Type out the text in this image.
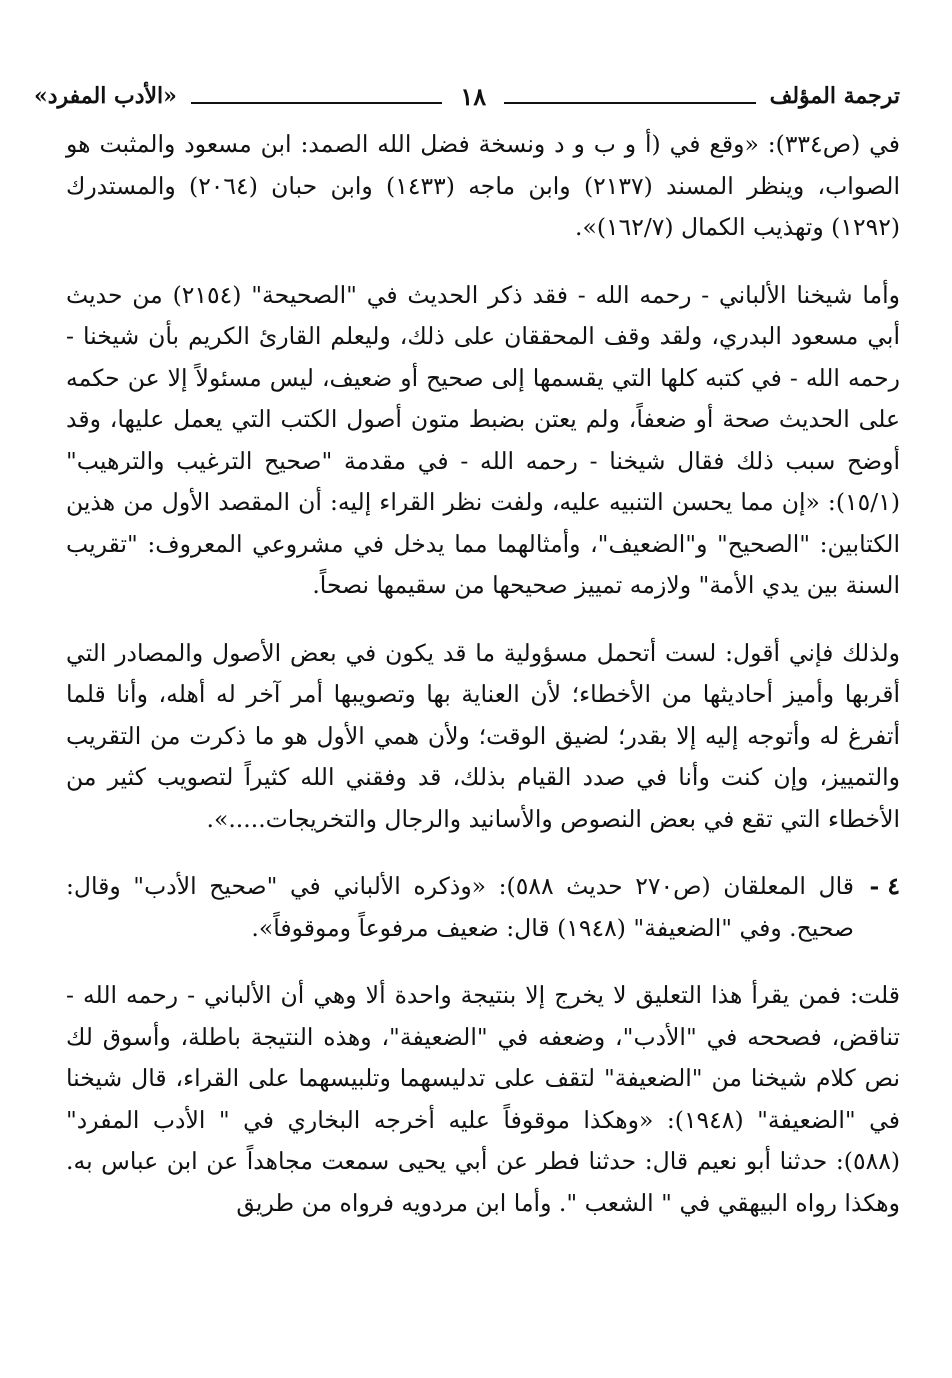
ترجمة المؤلف
١٨
«الأدب المفرد»

في (ص٣٣٤): «وقع في (أ و ب و د ونسخة فضل الله الصمد: ابن مسعود والمثبت هو الصواب، وينظر المسند (٢١٣٧) وابن ماجه (١٤٣٣) وابن حبان (٢٠٦٤) والمستدرك (١٢٩٢) وتهذيب الكمال (١٦٢/٧)».

وأما شيخنا الألباني - رحمه الله - فقد ذكر الحديث في "الصحيحة" (٢١٥٤) من حديث أبي مسعود البدري، ولقد وقف المحققان على ذلك، وليعلم القارئ الكريم بأن شيخنا - رحمه الله - في كتبه كلها التي يقسمها إلى صحيح أو ضعيف، ليس مسئولاً إلا عن حكمه على الحديث صحة أو ضعفاً، ولم يعتن بضبط متون أصول الكتب التي يعمل عليها، وقد أوضح سبب ذلك فقال شيخنا - رحمه الله - في مقدمة "صحيح الترغيب والترهيب" (١٥/١): «إن مما يحسن التنبيه عليه، ولفت نظر القراء إليه: أن المقصد الأول من هذين الكتابين: "الصحيح" و"الضعيف"، وأمثالهما مما يدخل في مشروعي المعروف: "تقريب السنة بين يدي الأمة" ولازمه تمييز صحيحها من سقيمها نصحاً.

ولذلك فإني أقول: لست أتحمل مسؤولية ما قد يكون في بعض الأصول والمصادر التي أقربها وأميز أحاديثها من الأخطاء؛ لأن العناية بها وتصويبها أمر آخر له أهله، وأنا قلما أتفرغ له وأتوجه إليه إلا بقدر؛ لضيق الوقت؛ ولأن همي الأول هو ما ذكرت من التقريب والتمييز، وإن كنت وأنا في صدد القيام بذلك، قد وفقني الله كثيراً لتصويب كثير من الأخطاء التي تقع في بعض النصوص والأسانيد والرجال والتخريجات.....».

٤ -

قال المعلقان (ص٢٧٠ حديث ٥٨٨): «وذكره الألباني في "صحيح الأدب" وقال: صحيح. وفي "الضعيفة" (١٩٤٨) قال: ضعيف مرفوعاً وموقوفاً».

قلت: فمن يقرأ هذا التعليق لا يخرج إلا بنتيجة واحدة ألا وهي أن الألباني - رحمه الله - تناقض، فصححه في "الأدب"، وضعفه في "الضعيفة"، وهذه النتيجة باطلة، وأسوق لك نص كلام شيخنا من "الضعيفة" لتقف على تدليسهما وتلبيسهما على القراء، قال شيخنا في "الضعيفة" (١٩٤٨): «وهكذا موقوفاً عليه أخرجه البخاري في " الأدب المفرد" (٥٨٨): حدثنا أبو نعيم قال: حدثنا فطر عن أبي يحيى سمعت مجاهداً عن ابن عباس به. وهكذا رواه البيهقي في " الشعب ". وأما ابن مردويه فرواه من طريق
